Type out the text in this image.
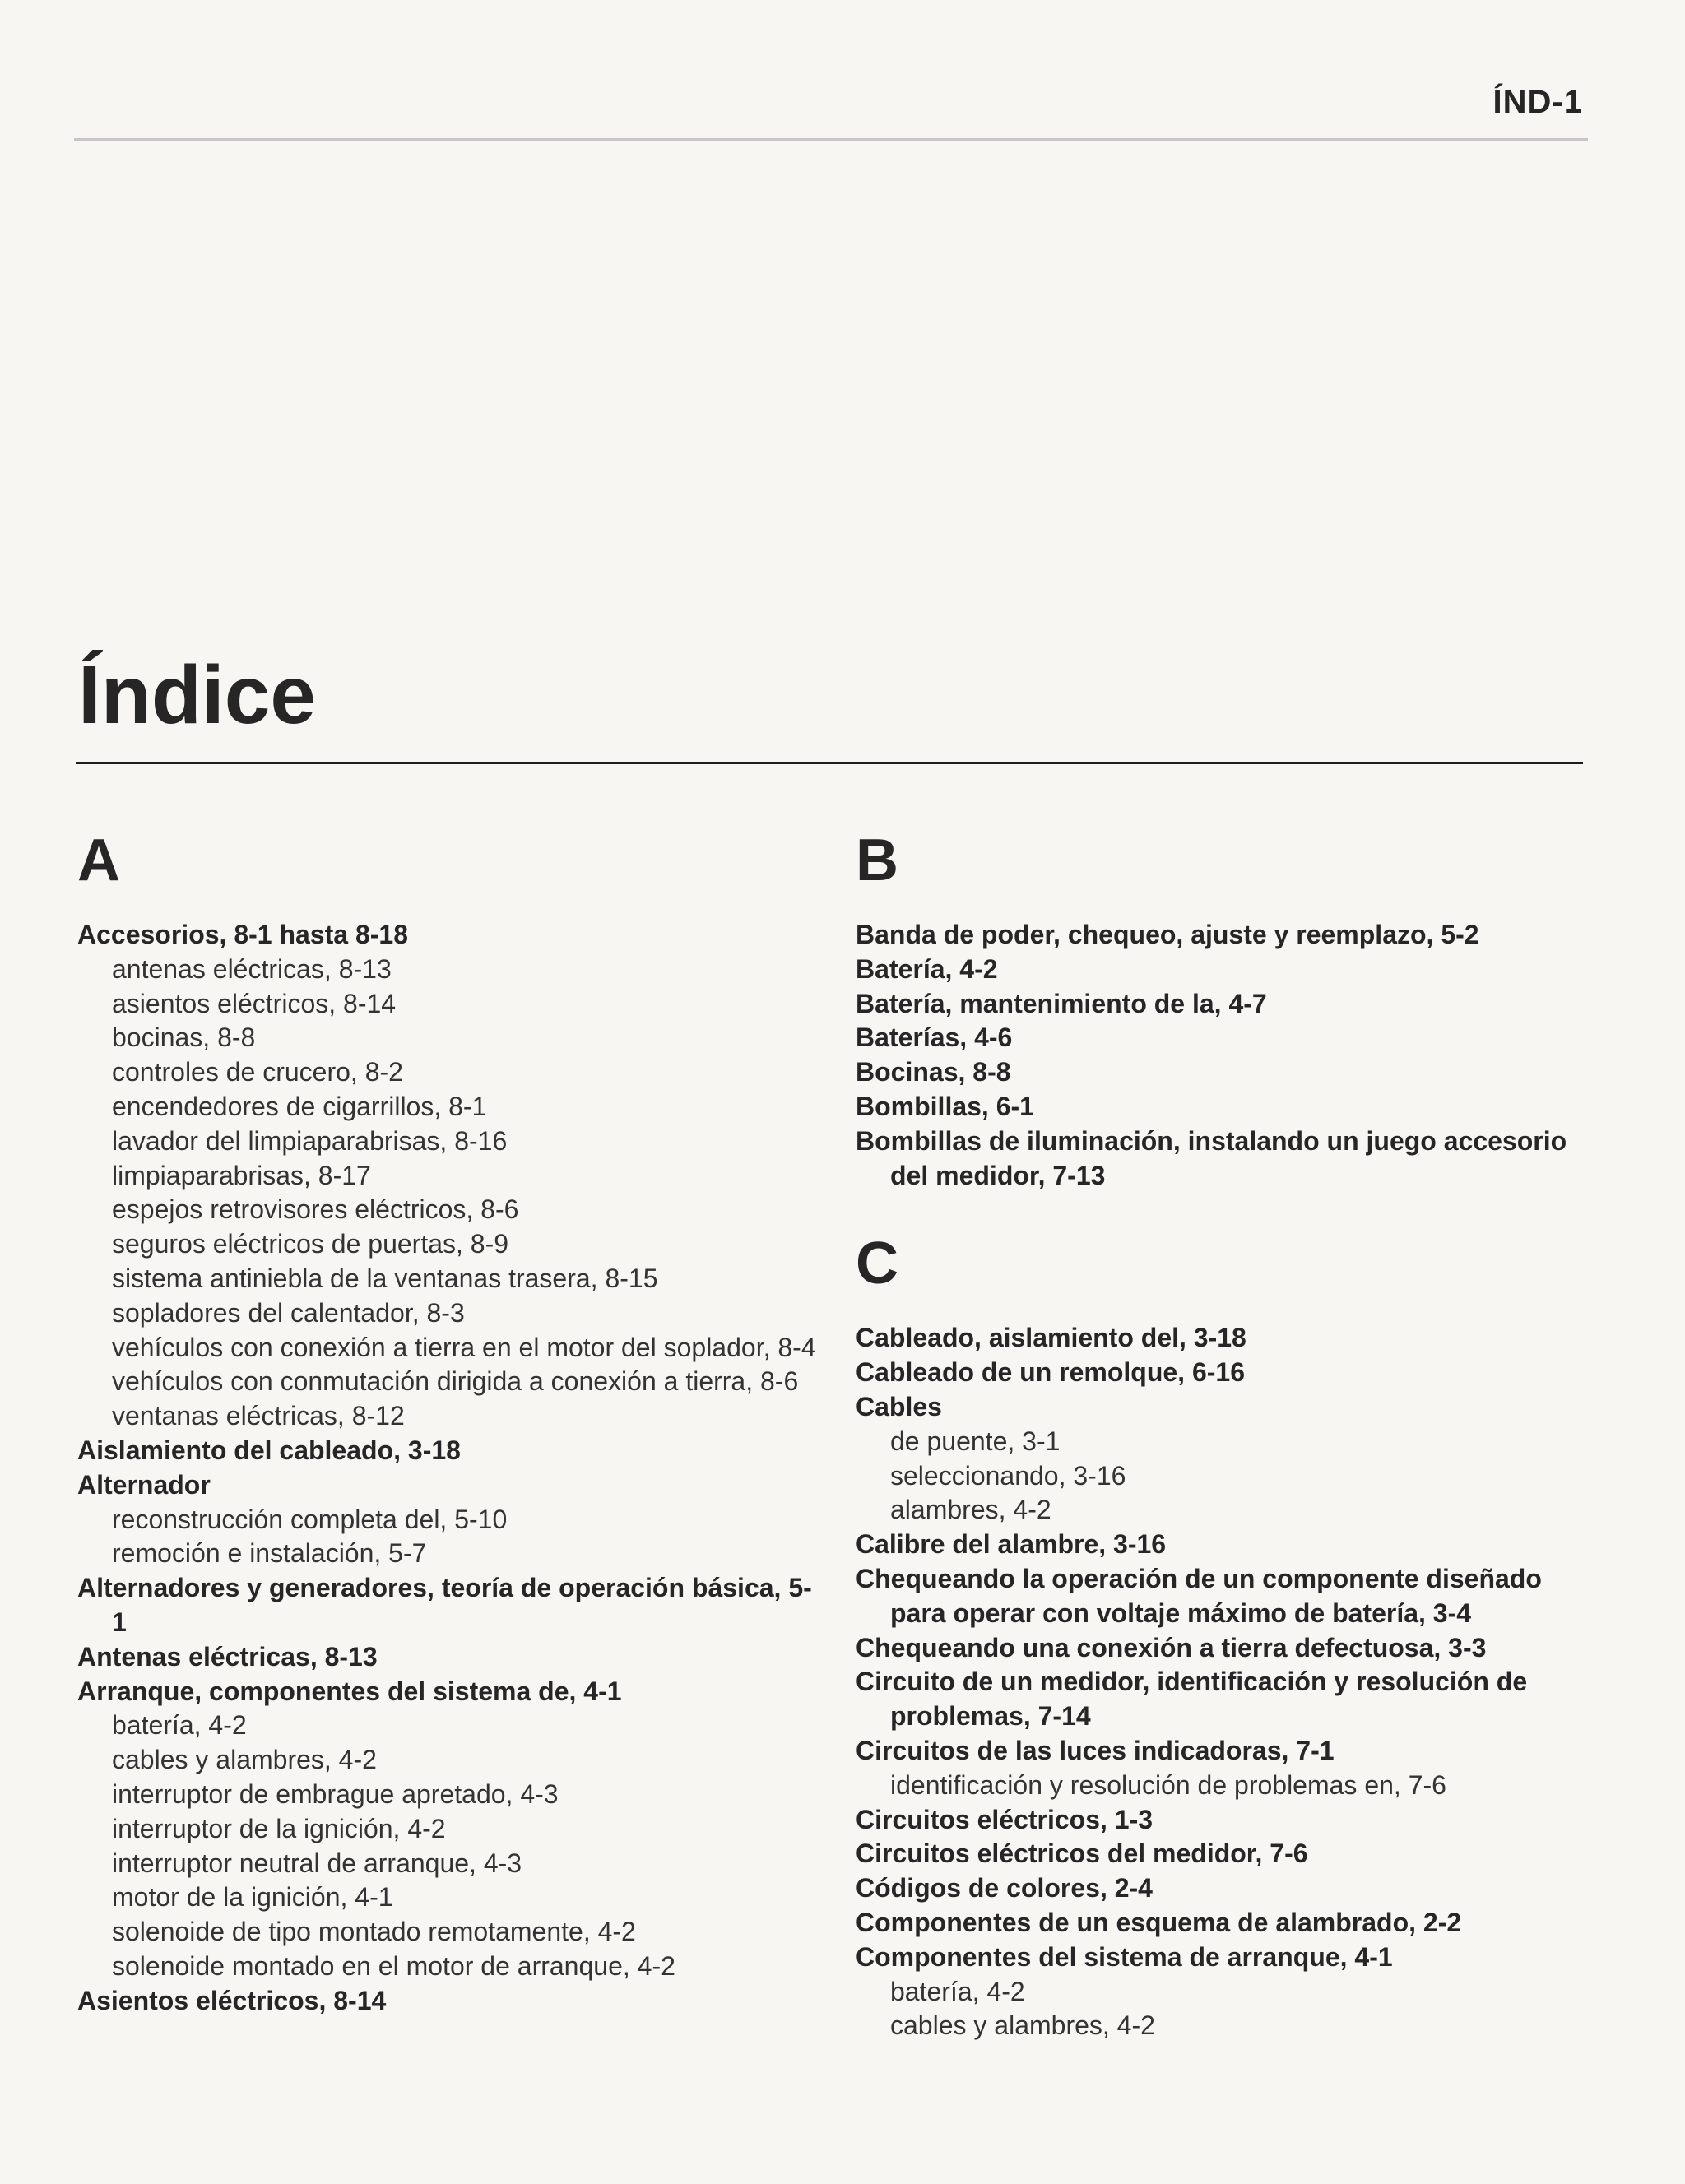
ÍND-1
Índice
A
Accesorios, 8-1 hasta 8-18
antenas eléctricas, 8-13
asientos eléctricos, 8-14
bocinas, 8-8
controles de crucero, 8-2
encendedores de cigarrillos, 8-1
lavador del limpiaparabrisas, 8-16
limpiaparabrisas, 8-17
espejos retrovisores eléctricos, 8-6
seguros eléctricos de puertas, 8-9
sistema antiniebla de la ventanas trasera, 8-15
sopladores del calentador, 8-3
vehículos con conexión a tierra en el motor del soplador, 8-4
vehículos con conmutación dirigida a conexión a tierra, 8-6
ventanas eléctricas, 8-12
Aislamiento del cableado, 3-18
Alternador
reconstrucción completa del, 5-10
remoción e instalación, 5-7
Alternadores y generadores, teoría de operación básica, 5-1
Antenas eléctricas, 8-13
Arranque, componentes del sistema de, 4-1
batería, 4-2
cables y alambres, 4-2
interruptor de embrague apretado, 4-3
interruptor de la ignición, 4-2
interruptor neutral de arranque, 4-3
motor de la ignición, 4-1
solenoide de tipo montado remotamente, 4-2
solenoide montado en el motor de arranque, 4-2
Asientos eléctricos, 8-14
B
Banda de poder, chequeo, ajuste y reemplazo, 5-2
Batería, 4-2
Batería, mantenimiento de la, 4-7
Baterías, 4-6
Bocinas, 8-8
Bombillas, 6-1
Bombillas de iluminación, instalando un juego accesorio del medidor, 7-13
C
Cableado, aislamiento del, 3-18
Cableado de un remolque, 6-16
Cables
de puente, 3-1
seleccionando, 3-16
alambres, 4-2
Calibre del alambre, 3-16
Chequeando la operación de un componente diseñado para operar con voltaje máximo de batería, 3-4
Chequeando una conexión a tierra defectuosa, 3-3
Circuito de un medidor, identificación y resolución de problemas, 7-14
Circuitos de las luces indicadoras, 7-1
identificación y resolución de problemas en, 7-6
Circuitos eléctricos, 1-3
Circuitos eléctricos del medidor, 7-6
Códigos de colores, 2-4
Componentes de un esquema de alambrado, 2-2
Componentes del sistema de arranque, 4-1
batería, 4-2
cables y alambres, 4-2
